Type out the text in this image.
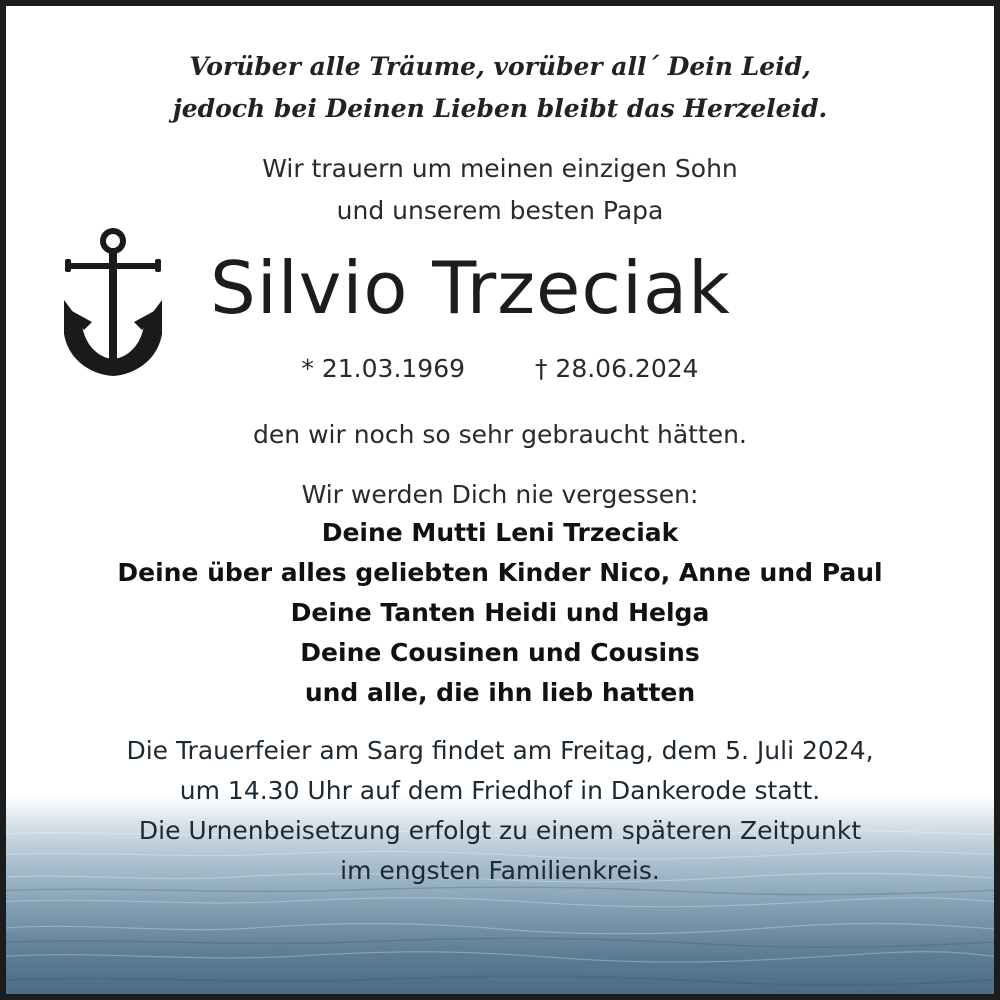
Vorüber alle Träume, vorüber all´ Dein Leid,

jedoch bei Deinen Lieben bleibt das Herzeleid.

Wir trauern um meinen einzigen Sohn

und unserem besten Papa

Silvio Trzeciak

* 21.03.1969	† 28.06.2024

den wir noch so sehr gebraucht hätten.

Wir werden Dich nie vergessen:

Deine Mutti Leni Trzeciak

Deine über alles geliebten Kinder Nico, Anne und Paul

Deine Tanten Heidi und Helga

Deine Cousinen und Cousins

und alle, die ihn lieb hatten

Die Trauerfeier am Sarg findet am Freitag, dem 5. Juli 2024,

um 14.30 Uhr auf dem Friedhof in Dankerode statt.

Die Urnenbeisetzung erfolgt zu einem späteren Zeitpunkt

im engsten Familienkreis.
